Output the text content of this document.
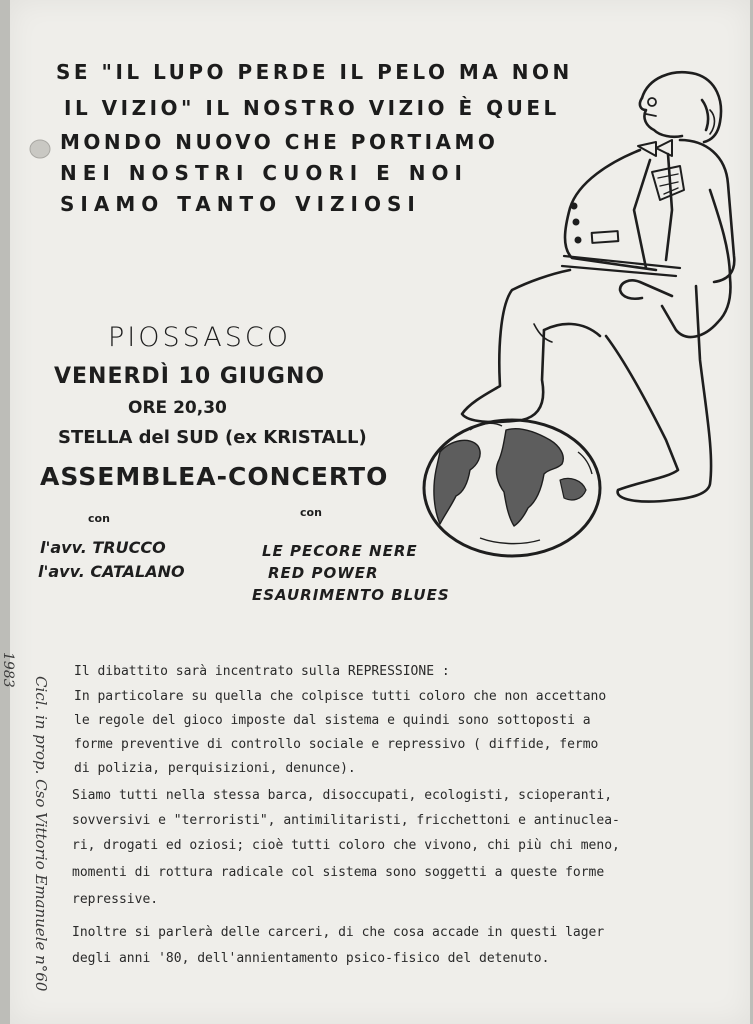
SE "IL LUPO PERDE IL PELO MA NON
IL VIZIO" IL NOSTRO VIZIO È QUEL
MONDO NUOVO CHE PORTIAMO
NEI NOSTRI CUORI E NOI
SIAMO TANTO VIZIOSI
PIOSSASCO
VENERDÌ 10 GIUGNO
ORE 20,30
STELLA del SUD (ex KRISTALL)
ASSEMBLEA-CONCERTO
con
l'avv. TRUCCO
l'avv. CATALANO
con
LE PECORE NERE
RED POWER
ESAURIMENTO BLUES
Il dibattito sarà incentrato sulla REPRESSIONE :
In particolare su quella che colpisce tutti coloro che non accettano
le regole del gioco imposte dal sistema e quindi sono sottoposti a
forme preventive di controllo sociale e repressivo ( diffide, fermo
di polizia, perquisizioni, denunce).
Siamo tutti nella stessa barca, disoccupati, ecologisti, scioperanti,
sovversivi e "terroristi", antimilitaristi, fricchettoni e antinuclea-
ri, drogati ed oziosi; cioè tutti coloro che vivono, chi più chi meno,
momenti di rottura radicale col sistema sono soggetti a queste forme
repressive.
Inoltre si parlerà delle carceri, di che cosa accade in questi lager
degli anni '80, dell'annientamento psico-fisico del detenuto.
1983
Cicl. in prop. Cso Vittorio Emanuele n°60
